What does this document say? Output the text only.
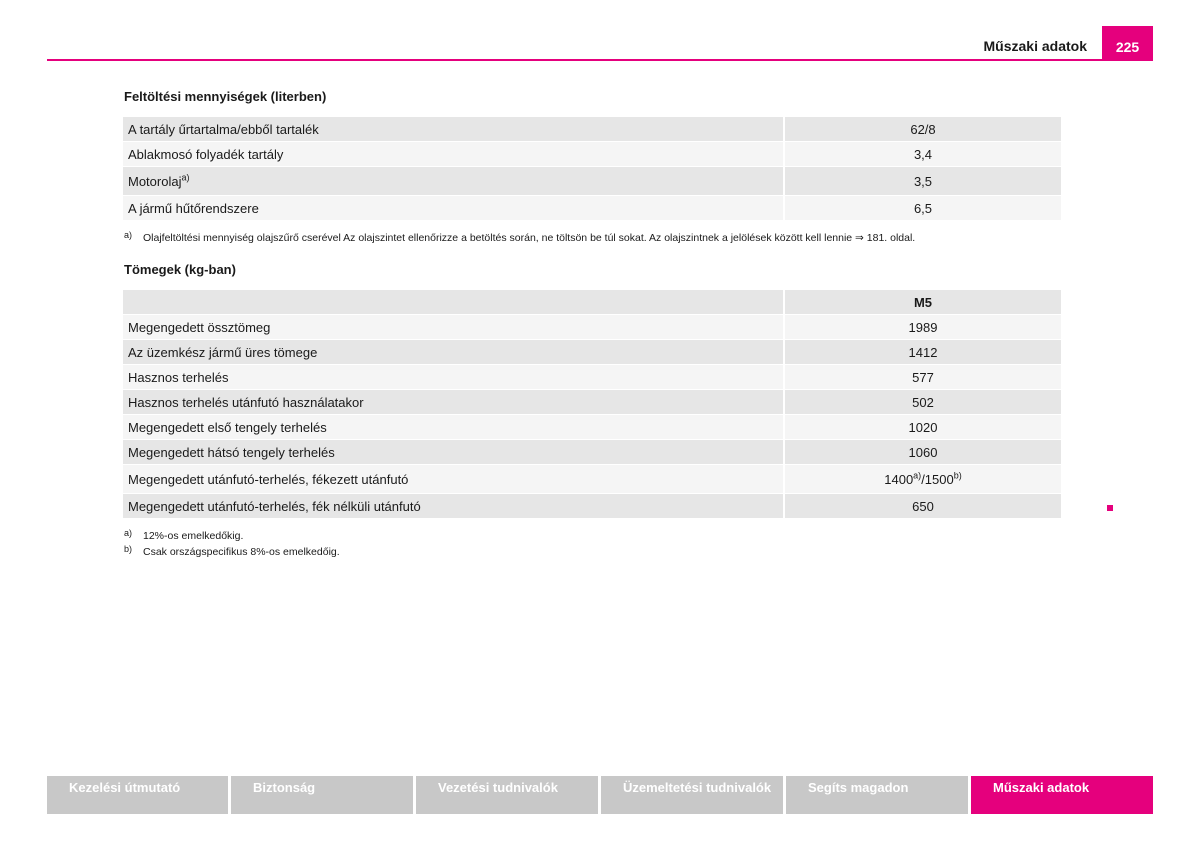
Műszaki adatok	225
Feltöltési mennyiségek (literben)
A tartály űrtartalma/ebből tartalék	62/8
Ablakmosó folyadék tartály	3,4
Motorolaj$^{a)}$	3,5
A jármű hűtőrendszere	6,5
a) Olajfeltöltési mennyiség olajszűrő cserével Az olajszintet ellenőrizze a betöltés során, ne töltsön be túl sokat. Az olajszintnek a jelölések között kell lennie ⇒ 181. oldal.
Tömegek (kg-ban)
	M5
Megengedett össztömeg	1989
Az üzemkész jármű üres tömege	1412
Hasznos terhelés	577
Hasznos terhelés utánfutó használatakor	502
Megengedett első tengely terhelés	1020
Megengedett hátsó tengely terhelés	1060
Megengedett utánfutó-terhelés, fékezett utánfutó	1400$^{a)}$/1500$^{b)}$
Megengedett utánfutó-terhelés, fék nélküli utánfutó	650
a) 12%-os emelkedőkig.
b) Csak országspecifikus 8%-os emelkedőig.
Kezelési útmutató	Biztonság	Vezetési tudnivalók	Üzemeltetési tudnivalók	Segíts magadon	Műszaki adatok
